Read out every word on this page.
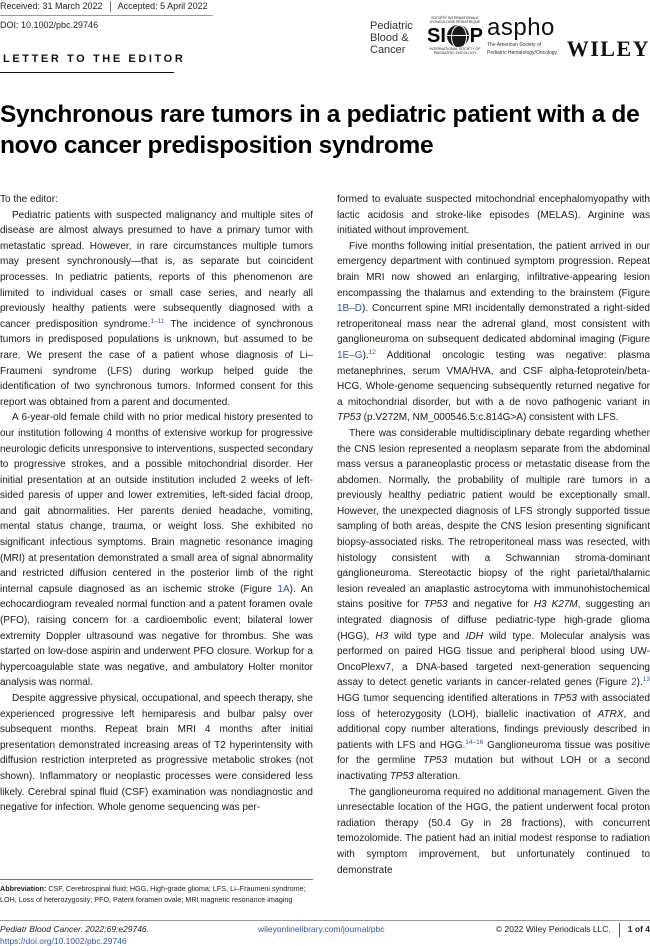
Received: 31 March 2022 Accepted: 5 April 2022
DOI: 10.1002/pbc.29746
LETTER TO THE EDITOR
Pediatric
Blood &
Cancer
SOCIÉTÉ INTERNATIONALE D'ONCOLOGIE PÉDIATRIQUE
SI P
INTERNATIONAL SOCIETY OF PAEDIATRIC ONCOLOGY
aspho
The American Society of
Pediatric Hematology/Oncology WILEY
Synchronous rare tumors in a pediatric patient with a de novo cancer predisposition syndrome

To the editor:

Pediatric patients with suspected malignancy and multiple sites of disease are almost always presumed to have a primary tumor with metastatic spread. However, in rare circumstances multiple tumors may present synchronously—that is, as separate but coincident processes. In pediatric patients, reports of this phenomenon are limited to individual cases or small case series, and nearly all previously healthy patients were subsequently diagnosed with a cancer predisposition syndrome.$^{1-11}$ The incidence of synchronous tumors in predisposed populations is unknown, but assumed to be rare. We present the case of a patient whose diagnosis of Li–Fraumeni syndrome (LFS) during workup helped guide the identification of two synchronous tumors. Informed consent for this report was obtained from a parent and documented.

A 6-year-old female child with no prior medical history presented to our institution following 4 months of extensive workup for progressive neurologic deficits unresponsive to interventions, suspected secondary to progressive strokes, and a possible mitochondrial disorder. Her initial presentation at an outside institution included 2 weeks of left-sided paresis of upper and lower extremities, left-sided facial droop, and gait abnormalities. Her parents denied headache, vomiting, mental status change, trauma, or weight loss. She exhibited no significant infectious symptoms. Brain magnetic resonance imaging (MRI) at presentation demonstrated a small area of signal abnormality and restricted diffusion centered in the posterior limb of the right internal capsule diagnosed as an ischemic stroke (Figure 1A). An echocardiogram revealed normal function and a patent foramen ovale (PFO), raising concern for a cardioembolic event; bilateral lower extremity Doppler ultrasound was negative for thrombus. She was started on low-dose aspirin and underwent PFO closure. Workup for a hypercoagulable state was negative, and ambulatory Holter monitor analysis was normal.

Despite aggressive physical, occupational, and speech therapy, she experienced progressive left hemiparesis and bulbar palsy over subsequent months. Repeat brain MRI 4 months after initial presentation demonstrated increasing areas of T2 hyperintensity with diffusion restriction interpreted as progressive metabolic strokes (not shown). Inflammatory or neoplastic processes were considered less likely. Cerebral spinal fluid (CSF) examination was nondiagnostic and negative for infection. Whole genome sequencing was per-

formed to evaluate suspected mitochondrial encephalomyopathy with lactic acidosis and stroke-like episodes (MELAS). Arginine was initiated without improvement.

Five months following initial presentation, the patient arrived in our emergency department with continued symptom progression. Repeat brain MRI now showed an enlarging, infiltrative-appearing lesion encompassing the thalamus and extending to the brainstem (Figure 1B–D). Concurrent spine MRI incidentally demonstrated a right-sided retroperitoneal mass near the adrenal gland, most consistent with ganglioneuroma on subsequent dedicated abdominal imaging (Figure 1E–G).$^{12}$ Additional oncologic testing was negative: plasma metanephrines, serum VMA/HVA, and CSF alpha-fetoprotein/beta-HCG. Whole-genome sequencing subsequently returned negative for a mitochondrial disorder, but with a de novo pathogenic variant in TP53 (p.V272M, NM_000546.5:c.814G>A) consistent with LFS.

There was considerable multidisciplinary debate regarding whether the CNS lesion represented a neoplasm separate from the abdominal mass versus a paraneoplastic process or metastatic disease from the abdomen. Normally, the probability of multiple rare tumors in a previously healthy pediatric patient would be exceptionally small. However, the unexpected diagnosis of LFS strongly supported tissue sampling of both areas, despite the CNS lesion presenting significant biopsy-associated risks. The retroperitoneal mass was resected, with histology consistent with a Schwannian stroma-dominant ganglioneuroma. Stereotactic biopsy of the right parietal/thalamic lesion revealed an anaplastic astrocytoma with immunohistochemical stains positive for TP53 and negative for H3 K27M, suggesting an integrated diagnosis of diffuse pediatric-type high-grade glioma (HGG), H3 wild type and IDH wild type. Molecular analysis was performed on paired HGG tissue and peripheral blood using UW-OncoPlexv7, a DNA-based targeted next-generation sequencing assay to detect genetic variants in cancer-related genes (Figure 2).$^{13}$ HGG tumor sequencing identified alterations in TP53 with associated loss of heterozygosity (LOH), biallelic inactivation of ATRX, and additional copy number alterations, findings previously described in patients with LFS and HGG.$^{14-16}$ Ganglioneuroma tissue was positive for the germline TP53 mutation but without LOH or a second inactivating TP53 alteration.

The ganglioneuroma required no additional management. Given the unresectable location of the HGG, the patient underwent focal proton radiation therapy (50.4 Gy in 28 fractions), with concurrent temozolomide. The patient had an initial modest response to radiation with symptom improvement, but unfortunately continued to demonstrate

Abbreviation: CSF, Cerebrospinal fluid; HGG, High-grade glioma; LFS, Li–Fraumeni syndrome; LOH, Loss of heterozygosity; PFO, Patent foramen ovale; MRI magnetic resonance imaging
Pediatr Blood Cancer. 2022;69:e29746.
https://doi.org/10.1002/pbc.29746
wileyonlinelibrary.com/journal/pbc	© 2022 Wiley Periodicals LLC. 1 of 4
